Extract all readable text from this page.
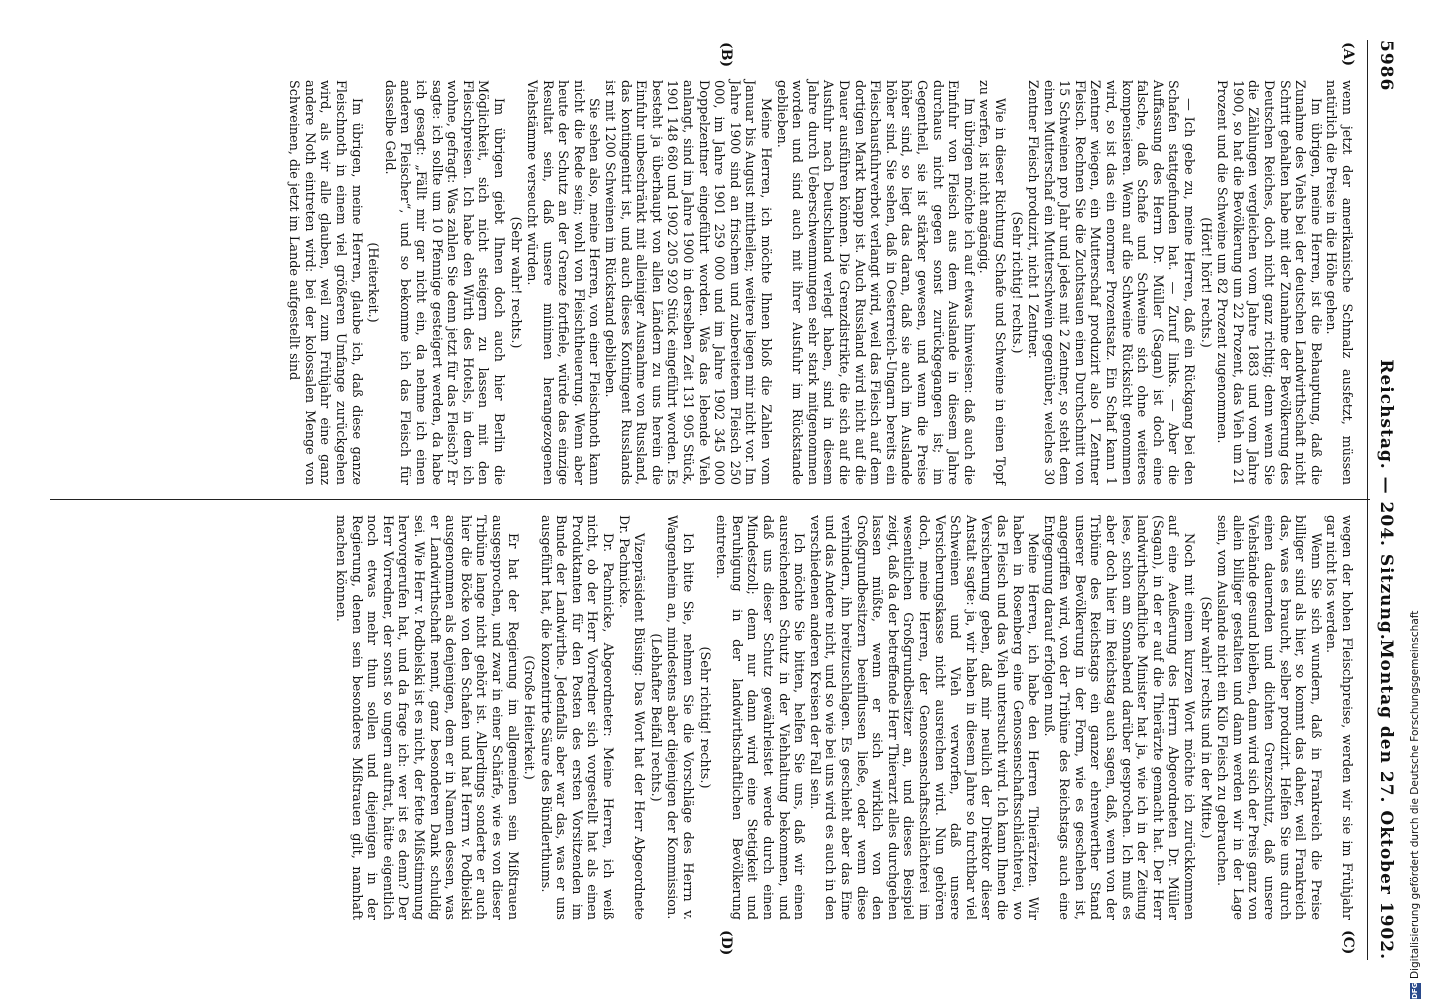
5986
Reichstag. — 204. Sitzung.
Montag den 27. Oktober 1902.
(A)
(B)
(C)
(D)

wenn jetzt der amerikanische Schmalz ausfetzt, müssen natürlich die Preise in die Höhe gehen.

Im übrigen, meine Herren, ist die Behauptung, daß die Zunahme des Viehs bei der deutschen Landwirthschaft nicht Schritt gehalten habe mit der Zunahme der Bevölkerung des Deutschen Reiches, doch nicht ganz richtig; denn wenn Sie die Zählungen vergleichen vom Jahre 1883 und vom Jahre 1900, so hat die Bevölkerung um 22 Prozent, das Vieh um 21 Prozent und die Schweine um 82 Prozent zugenommen.

(Hört! hört! rechts.)

— Ich gebe zu, meine Herren, daß ein Rückgang bei den Schafen stattgefunden hat. — Zuruf links. — Aber die Auffassung des Herrn Dr. Müller (Sagan) ist doch eine falsche, daß Schafe und Schweine sich ohne weiteres kompensieren. Wenn auf die Schweine Rücksicht genommen wird, so ist das ein enormer Prozentsatz. Ein Schaf kann 1 Zentner wiegen, ein Mutterschaf produzirt also 1 Zentner Fleisch. Rechnen Sie die Zuchtsauen einen Durchschnitt von 15 Schweinen pro Jahr und jedes mit 2 Zentner, so steht dem einen Mutterschaf ein Mutterschwein gegenüber, welches 30 Zentner Fleisch produzirt, nicht 1 Zentner.

(Sehr richtig! rechts.)

Wie in dieser Richtung Schafe und Schweine in einen Topf zu werfen, ist nicht angängig.

Im übrigen möchte ich auf etwas hinweisen: daß auch die Einfuhr von Fleisch aus dem Auslande in diesem Jahre durchaus nicht gegen sonst zurückgegangen ist; im Gegentheil, sie ist stärker gewesen, und wenn die Preise höher sind, so liegt das daran, daß sie auch im Auslande höher sind. Sie sehen, daß in Oesterreich-Ungarn bereits ein Fleischausfuhrverbot verlangt wird, weil das Fleisch auf dem dortigen Markt knapp ist. Auch Russland wird nicht auf die Dauer ausführen können. Die Grenzdistrikte, die sich auf die Ausfuhr nach Deutschland verlegt haben, sind in diesem Jahre durch Ueberschwemmungen sehr stark mitgenommen worden und sind auch mit ihrer Ausfuhr im Rückstande geblieben.

Meine Herren, ich möchte Ihnen bloß die Zahlen vom Januar bis August mittheilen; weitere liegen mir nicht vor. Im Jahre 1900 sind an frischem und zubereitetem Fleisch 250 000, im Jahre 1901 259 000 und im Jahre 1902 345 000 Doppelzentner eingeführt worden. Was das lebende Vieh anlangt, sind im Jahre 1900 in derselben Zeit 131 905 Stück, 1901 148 680 und 1902 205 920 Stück eingeführt worden. Es besteht ja überhaupt von allen Ländern zu uns herein die Einfuhr unbeschränkt mit alleiniger Ausnahme von Russland, das kontingentirt ist, und auch dieses Kontingent Russlands ist mit 1200 Schweinen im Rückstand geblieben.

Sie sehen also, meine Herren, von einer Fleischnoth kann nicht die Rede sein; wohl von Fleischtheuerung. Wenn aber heute der Schutz an der Grenze fortfiele, würde das einzige Resultat sein, daß unsere minimen herangezogenen Viehstämme verseucht würden.

(Sehr wahr! rechts.)

Im übrigen giebt Ihnen doch auch hier Berlin die Möglichkeit, sich nicht steigern zu lassen mit den Fleischpreisen. Ich habe den Wirth des Hotels, in dem ich wohne, gefragt: Was zahlen Sie denn jetzt für das Fleisch? Er sagte: ich sollte um 10 Pfennige gesteigert werden, da habe ich gesagt: „Fällt mir gar nicht ein, da nehme ich einen anderen Fleischer“, und so bekomme ich das Fleisch für dasselbe Geld.

(Heiterkeit.)

Im übrigen, meine Herren, glaube ich, daß diese ganze Fleischnoth in einem viel größeren Umfange zurückgehen wird, als wir alle glauben, weil zum Frühjahr eine ganz andere Noth eintreten wird: bei der kolossalen Menge von Schweinen, die jetzt im Lande aufgestellt sind

wegen der hohen Fleischpreise, werden wir sie im Frühjahr gar nicht los werden.

Wenn Sie sich wundern, daß in Frankreich die Preise billiger sind als hier, so kommt das daher, weil Frankreich das, was es braucht, selber produzirt. Helfen Sie uns durch einen dauernden und dichten Grenzschutz, daß unsere Viehstände gesund bleiben, dann wird sich der Preis ganz von allein billiger gestalten und dann werden wir in der Lage sein, vom Auslande nicht ein Kilo Fleisch zu gebrauchen.

(Sehr wahr! rechts und in der Mitte.)

Noch mit einem kurzen Wort möchte ich zurückkommen auf eine Aeußerung des Herrn Abgeordneten Dr. Müller (Sagan), in der er auf die Thierärzte gemacht hat. Der Herr landwirthschaftliche Minister hat ja, wie ich in der Zeitung lese, schon am Sonnabend darüber gesprochen. Ich muß es aber doch hier im Reichstag auch sagen, daß, wenn von der Tribüne des Reichstags ein ganzer ehrenwerther Stand unserer Bevölkerung in der Form, wie es geschehen ist, angegriffen wird, von der Tribüne des Reichstags auch eine Entgegnung darauf erfolgen muß.

Meine Herren, ich habe den Herren Thierärzten. Wir haben in Rosenberg eine Genossenschaftsschlächterei, wo das Fleisch und das Vieh untersucht wird. Ich kann Ihnen die Versicherung geben, daß mir neulich der Direktor dieser Anstalt sagte: ja, wir haben in diesem Jahre so furchtbar viel Schweinen und Vieh verworfen, daß unsere Versicherungskasse nicht ausreichen wird. Nun gehören doch, meine Herren, der Genossenschaftsschlächterei im wesentlichen Großgrundbesitzer an, und dieses Beispiel zeigt, daß da der betreffende Herr Thierarzt alles durchgehen lassen müßte, wenn er sich wirklich von den Großgrundbesitzern beeinflussen ließe, oder wenn diese verhindern, ihn breitzuschlagen. Es geschieht aber das Eine und das Andere nicht, und so wie bei uns wird es auch in den verschiedenen anderen Kreisen der Fall sein.

Ich möchte Sie bitten, helfen Sie uns, daß wir einen ausreichenden Schutz in der Viehhaltung bekommen, und daß uns dieser Schutz gewährleistet werde durch einen Mindestzoll; denn nur dann wird eine Stetigkeit und Beruhigung in der landwirthschaftlichen Bevölkerung eintreten.

(Sehr richtig! rechts.)

Ich bitte Sie, nehmen Sie die Vorschläge des Herrn v. Wangenheim an, mindestens aber diejenigen der Kommission.

(Lebhafter Beifall rechts.)

Vizepräsident Büsing: Das Wort hat der Herr Abgeordnete Dr. Pachnicke.

Dr. Pachnicke, Abgeordneter: Meine Herren, ich weiß nicht, ob der Herr Vorredner sich vorgestellt hat als einen Produktanten für den Posten des ersten Vorsitzenden im Bunde der Landwirthe. Jedenfalls aber war das, was er uns ausgeführt hat, die konzentrirte Säure des Bündlerthums.

(Große Heiterkeit.)

Er hat der Regierung im allgemeinen sein Mißtrauen ausgesprochen, und zwar in einer Schärfe, wie es von dieser Tribüne lange nicht gehört ist. Allerdings sonderte er auch hier die Böcke von den Schafen und hat Herrn v. Podbielski ausgenommen als denjenigen, dem er in Namen dessen, was er Landwirthschaft nennt, ganz besonderen Dank schuldig sei. Wie Herr v. Podbielski ist es nicht, der fette Mißstimmung hervorgerufen hat, und da frage ich: wer ist es denn? Der Herr Vorredner, der sonst so ungern auftrat, hätte eigentlich noch etwas mehr thun sollen und diejenigen in der Regierung, denen sein besonderes Mißtrauen gilt, namhaft machen können.

DFG
Digitalisierung gefördert durch die Deutsche Forschungsgemeinschaft
